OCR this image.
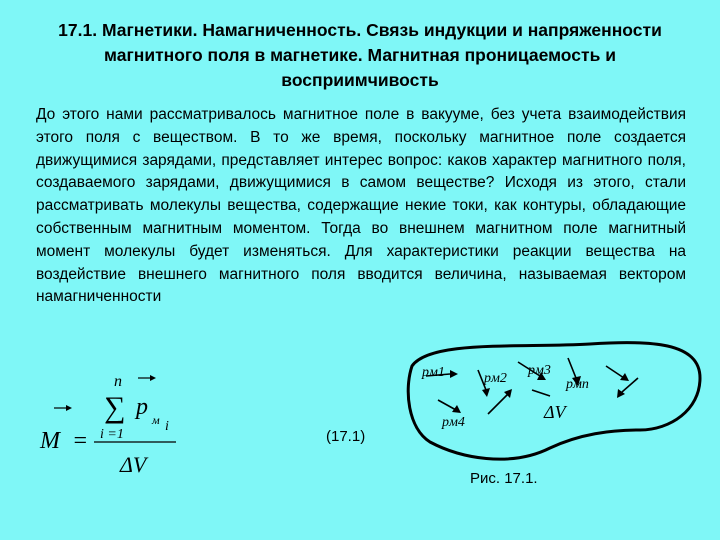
17.1. Магнетики. Намагниченность. Связь индукции и напряженности магнитного поля в магнетике. Магнитная проницаемость и восприимчивость
До этого нами рассматривалось магнитное поле в вакууме, без учета взаимодействия этого поля с веществом. В то же время, поскольку магнитное поле создается движущимися зарядами, представляет интерес вопрос: каков характер магнитного поля, создаваемого зарядами, движущимися в самом веществе? Исходя из этого, стали рассматривать молекулы вещества, содержащие некие токи, как контуры, обладающие собственным магнитным моментом. Тогда во внешнем магнитном поле магнитный момент молекулы будет изменяться. Для характеристики реакции вещества на воздействие внешнего магнитного поля вводится величина, называемая вектором намагниченности
M =
n
∑
i =1
p м i
ΔV
(17.1)
pм1	pм2
pм3
pм4
pмn
ΔV
Рис. 17.1.
